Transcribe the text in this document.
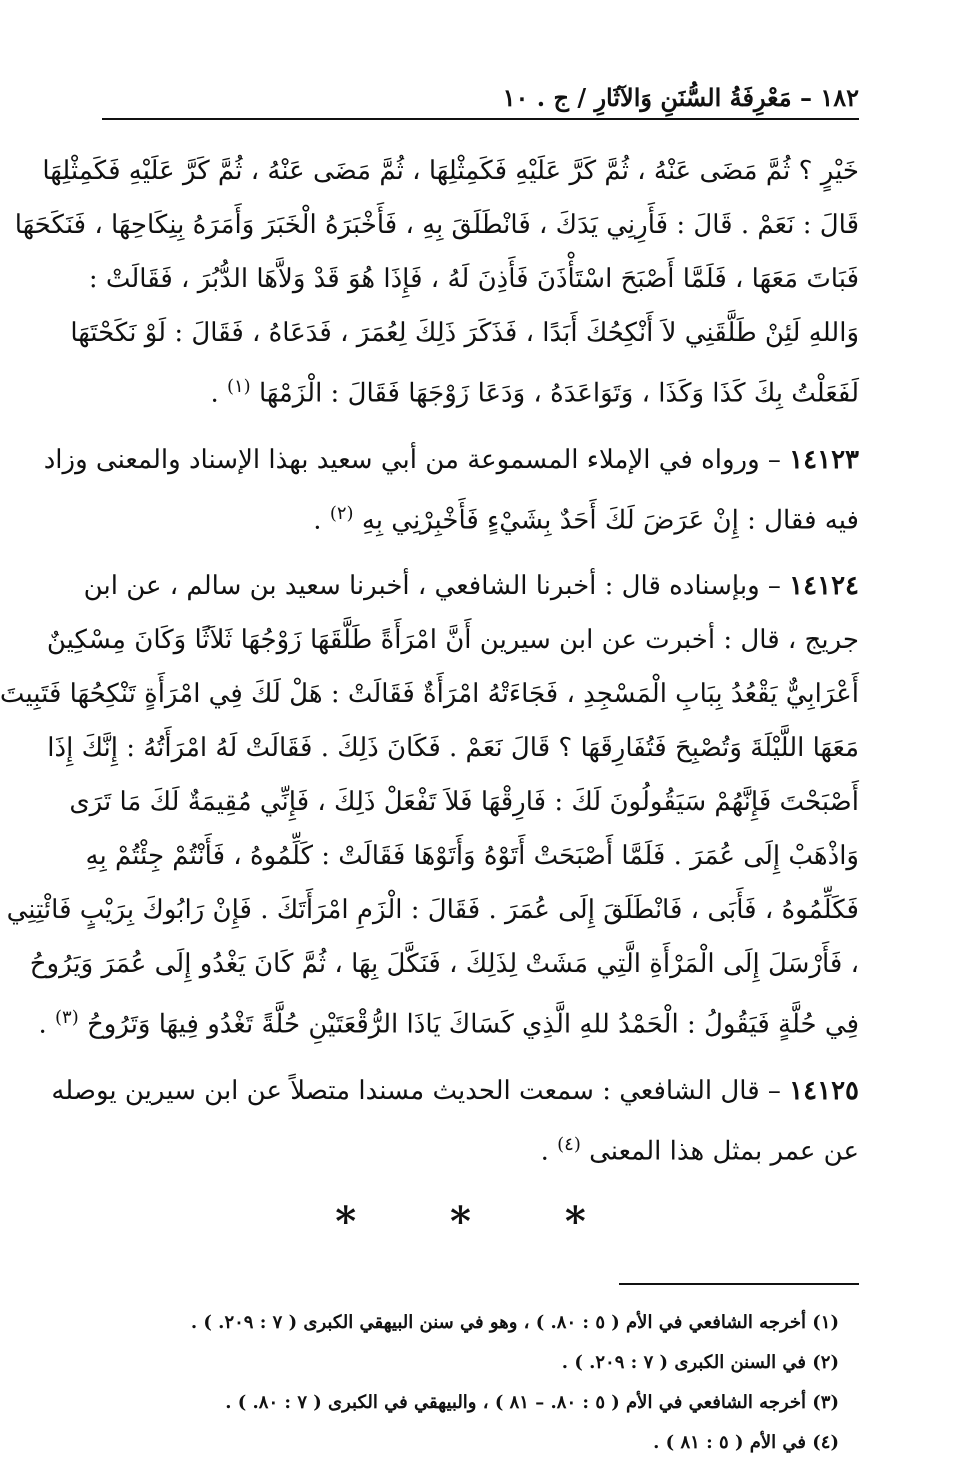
١٨٢

– مَعْرِفَةُ السُّنَنِ وَالآثَارِ / ج . ١٠

خَيْرٍ ؟ ثُمَّ مَضَى عَنْهُ ، ثُمَّ كَرَّ عَلَيْهِ فَكَمِثْلِهَا ، ثُمَّ مَضَى عَنْهُ ، ثُمَّ كَرَّ عَلَيْهِ فَكَمِثْلِهَا
قَالَ : نَعَمْ . قَالَ : فَأَرِنِي يَدَكَ ، فَانْطَلَقَ بِهِ ، فَأَخْبَرَهُ الْخَبَرَ وَأَمَرَهُ بِنِكَاحِهَا ، فَنَكَحَهَا
فَبَاتَ مَعَهَا ، فَلَمَّا أَصْبَحَ اسْتَأْذَنَ فَأَذِنَ لَهُ ، فَإِذَا هُوَ قَدْ وَلاَّهَا الدُّبُرَ ، فَقَالَتْ :
وَاللهِ لَئِنْ طَلَّقَنِي لاَ أَنْكِحُكَ أَبَدًا ، فَذَكَرَ ذَلِكَ لِعُمَرَ ، فَدَعَاهُ ، فَقَالَ : لَوْ نَكَحْتَهَا
لَفَعَلْتُ بِكَ كَذَا وَكَذَا ، وَتَوَاعَدَهُ ، وَدَعَا زَوْجَهَا فَقَالَ : الْزَمْهَا $^{(١)}$ .

١٤١٢٣ – ورواه في الإملاء المسموعة من أبي سعيد بهذا الإسناد والمعنى وزاد
فيه فقال : إِنْ عَرَضَ لَكَ أَحَدٌ بِشَيْءٍ فَأَخْبِرْنِي بِهِ $^{(٢)}$ .

١٤١٢٤ – وبإسناده قال : أخبرنا الشافعي ، أخبرنا سعيد بن سالم ، عن ابن
جريج ، قال : أخبرت عن ابن سيرين أَنَّ امْرَأَةً طَلَّقَهَا زَوْجُهَا ثَلاَثًا وَكَانَ مِسْكِينٌ
أَعْرَابِيٌّ يَقْعُدُ بِبَابِ الْمَسْجِدِ ، فَجَاءَتْهُ امْرَأَةٌ فَقَالَتْ : هَلْ لَكَ فِي امْرَأَةٍ تَنْكِحُهَا فَتَبِيتَ
مَعَهَا اللَّيْلَةَ وَتُصْبِحَ فَتُفَارِقَهَا ؟ قَالَ نَعَمْ . فَكَانَ ذَلِكَ . فَقَالَتْ لَهُ امْرَأَتُهُ : إِنَّكَ إِذَا
أَصْبَحْتَ فَإِنَّهُمْ سَيَقُولُونَ لَكَ : فَارِقْهَا فَلاَ تَفْعَلْ ذَلِكَ ، فَإِنِّي مُقِيمَةٌ لَكَ مَا تَرَى
وَاذْهَبْ إِلَى عُمَرَ . فَلَمَّا أَصْبَحَتْ أَتَوْهُ وَأَتَوْهَا فَقَالَتْ : كَلِّمُوهُ ، فَأَنْتُمْ جِئْتُمْ بِهِ
فَكَلِّمُوهُ ، فَأَبَى ، فَانْطَلَقَ إِلَى عُمَرَ . فَقَالَ : الْزَمِ امْرَأَتَكَ . فَإِنْ رَابُوكَ بِرَيْبٍ فَائْتِنِي
، فَأَرْسَلَ إِلَى الْمَرْأَةِ الَّتِي مَشَتْ لِذَلِكَ ، فَنَكَّلَ بِهَا ، ثُمَّ كَانَ يَغْدُو إِلَى عُمَرَ وَيَرُوحُ
فِي حُلَّةٍ فَيَقُولُ : الْحَمْدُ للهِ الَّذِي كَسَاكَ يَاذَا الرُّقْعَتَيْنِ حُلَّةً تَغْدُو فِيهَا وَتَرُوحُ $^{(٣)}$ .

١٤١٢٥ – قال الشافعي : سمعت الحديث مسندا متصلاً عن ابن سيرين يوصله
عن عمر بمثل هذا المعنى $^{(٤)}$ .

* * *
(١) أخرجه الشافعي في الأم ( ٥ : ٨٠. ) ، وهو في سنن البيهقي الكبرى ( ٧ : ٢٠٩. ) .
(٢) في السنن الكبرى ( ٧ : ٢٠٩. ) .
(٣) أخرجه الشافعي في الأم ( ٥ : ٨٠. – ٨١ ) ، والبيهقي في الكبرى ( ٧ : ٨٠. ) .
(٤) في الأم ( ٥ : ٨١ ) .
